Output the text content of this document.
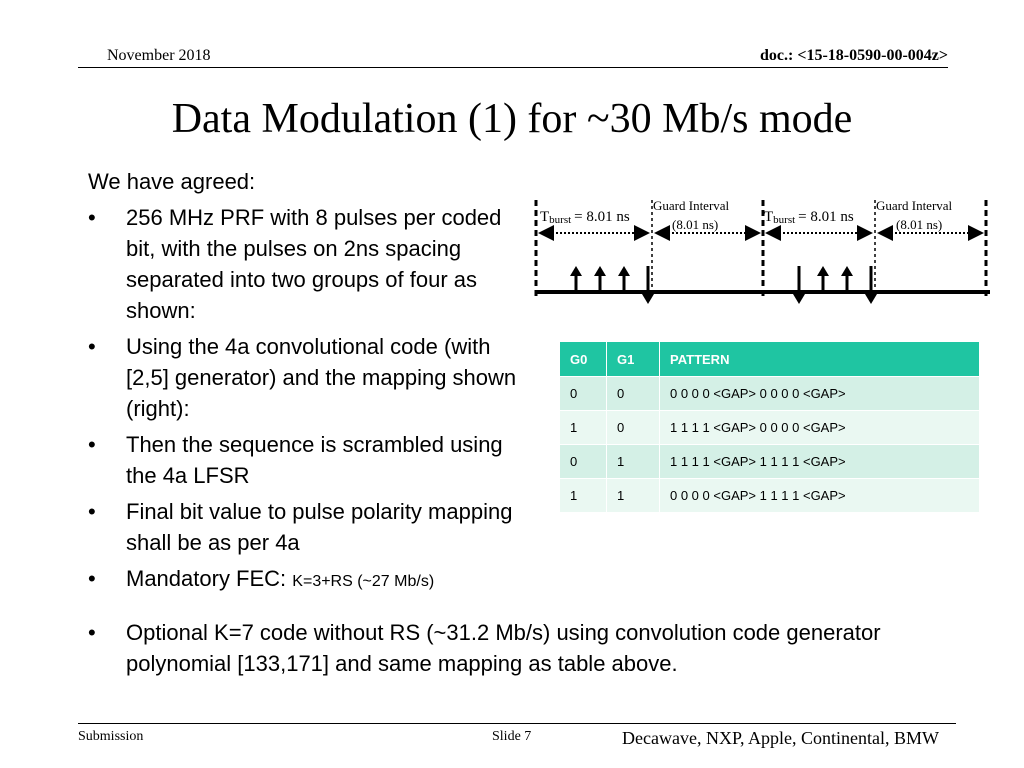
November 2018	doc.: <15-18-0590-00-004z>
Data Modulation (1) for ~30 Mb/s mode

We have agreed:

•	256 MHz PRF with 8 pulses per coded bit, with the pulses on 2ns spacing separated into two groups of four as shown:
•	Using the 4a convolutional code (with [2,5] generator) and the mapping shown (right):
•	Then the sequence is scrambled using the 4a LFSR
•	Final bit value to pulse polarity mapping shall be as per 4a
•	Mandatory FEC: K=3+RS (~27 Mb/s)
Tburst = 8.01 ns
Guard Interval
(8.01 ns)	Tburst = 8.01 ns
Guard Interval
(8.01 ns)
G0	G1	PATTERN
0	0	0 0 0 0 <GAP> 0 0 0 0 <GAP>
1	0	1 1 1 1 <GAP> 0 0 0 0 <GAP>
0	1	1 1 1 1 <GAP> 1 1 1 1 <GAP>
1	1	0 0 0 0 <GAP> 1 1 1 1 <GAP>
•	Optional K=7 code without RS (~31.2 Mb/s) using convolution code generator polynomial [133,171] and same mapping as table above.
Submission	Slide 7	Decawave, NXP, Apple, Continental, BMW
